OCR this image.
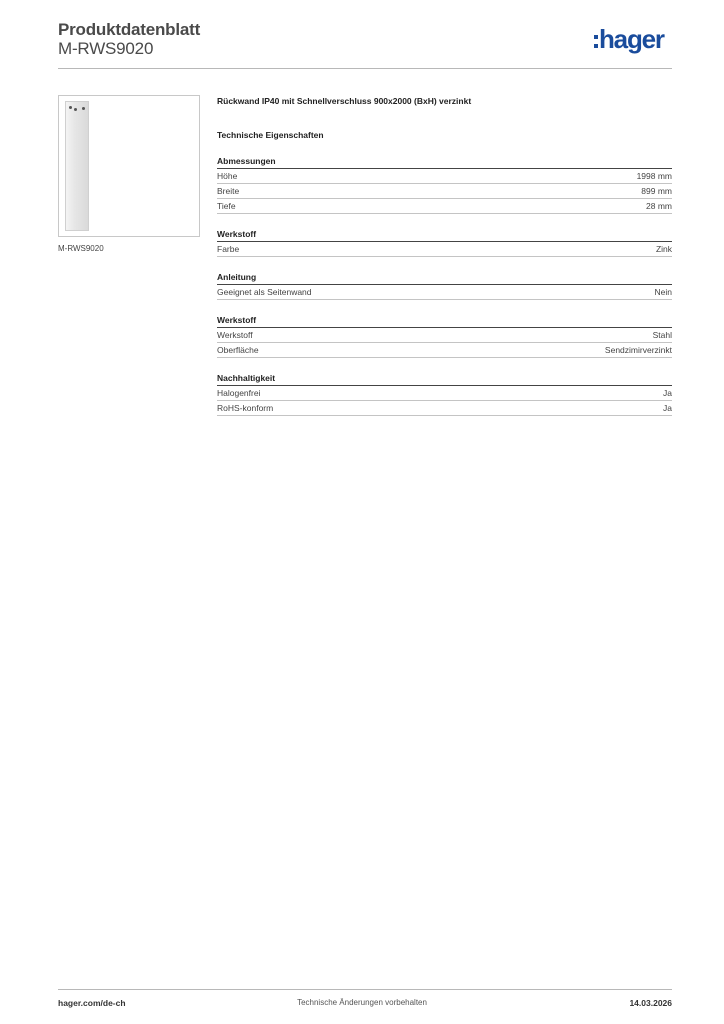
Produktdatenblatt
M-RWS9020	hager
M-RWS9020
Rückwand IP40 mit Schnellverschluss 900x2000 (BxH) verzinkt
Technische Eigenschaften
Abmessungen
Höhe	1998 mm
Breite	899 mm
Tiefe	28 mm
Werkstoff
Farbe	Zink
Anleitung
Geeignet als Seitenwand	Nein
Werkstoff
Werkstoff	Stahl
Oberfläche	Sendzimirverzinkt
Nachhaltigkeit
Halogenfrei	Ja
RoHS-konform	Ja
hager.com/de-ch	Technische Änderungen vorbehalten	14.03.2026
